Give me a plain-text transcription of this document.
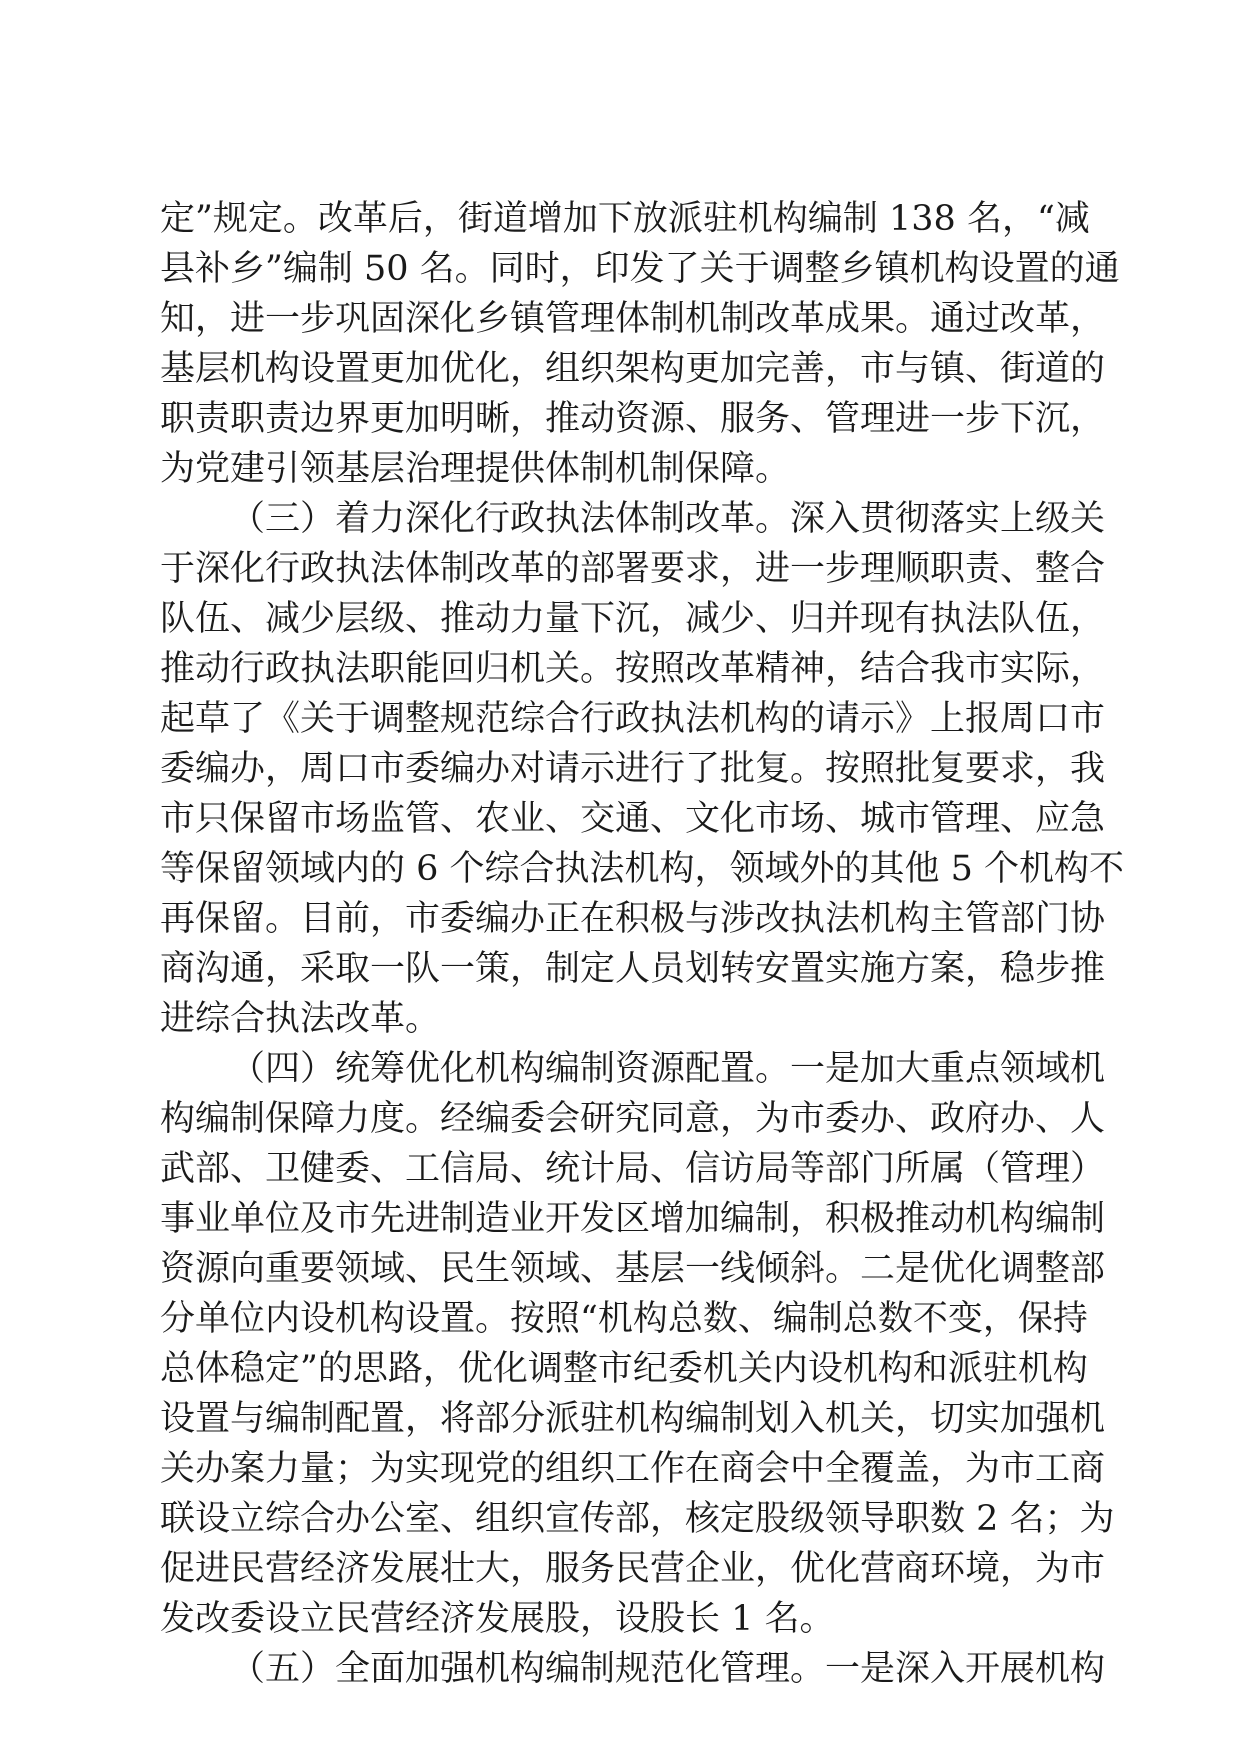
定”规定。改革后，街道增加下放派驻机构编制 138 名，“减

县补乡”编制 50 名。同时，印发了关于调整乡镇机构设置的通

知，进一步巩固深化乡镇管理体制机制改革成果。通过改革，

基层机构设置更加优化，组织架构更加完善，市与镇、街道的

职责职责边界更加明晰，推动资源、服务、管理进一步下沉，

为党建引领基层治理提供体制机制保障。

（三）着力深化行政执法体制改革。深入贯彻落实上级关

于深化行政执法体制改革的部署要求，进一步理顺职责、整合

队伍、减少层级、推动力量下沉，减少、归并现有执法队伍，

推动行政执法职能回归机关。按照改革精神，结合我市实际，

起草了《关于调整规范综合行政执法机构的请示》上报周口市

委编办，周口市委编办对请示进行了批复。按照批复要求，我

市只保留市场监管、农业、交通、文化市场、城市管理、应急

等保留领域内的 6 个综合执法机构，领域外的其他 5 个机构不

再保留。目前，市委编办正在积极与涉改执法机构主管部门协

商沟通，采取一队一策，制定人员划转安置实施方案，稳步推

进综合执法改革。

（四）统筹优化机构编制资源配置。一是加大重点领域机

构编制保障力度。经编委会研究同意，为市委办、政府办、人

武部、卫健委、工信局、统计局、信访局等部门所属（管理）

事业单位及市先进制造业开发区增加编制，积极推动机构编制

资源向重要领域、民生领域、基层一线倾斜。二是优化调整部

分单位内设机构设置。按照“机构总数、编制总数不变，保持

总体稳定”的思路，优化调整市纪委机关内设机构和派驻机构

设置与编制配置，将部分派驻机构编制划入机关，切实加强机

关办案力量；为实现党的组织工作在商会中全覆盖，为市工商

联设立综合办公室、组织宣传部，核定股级领导职数 2 名；为

促进民营经济发展壮大，服务民营企业，优化营商环境，为市

发改委设立民营经济发展股，设股长 1 名。

（五）全面加强机构编制规范化管理。一是深入开展机构
